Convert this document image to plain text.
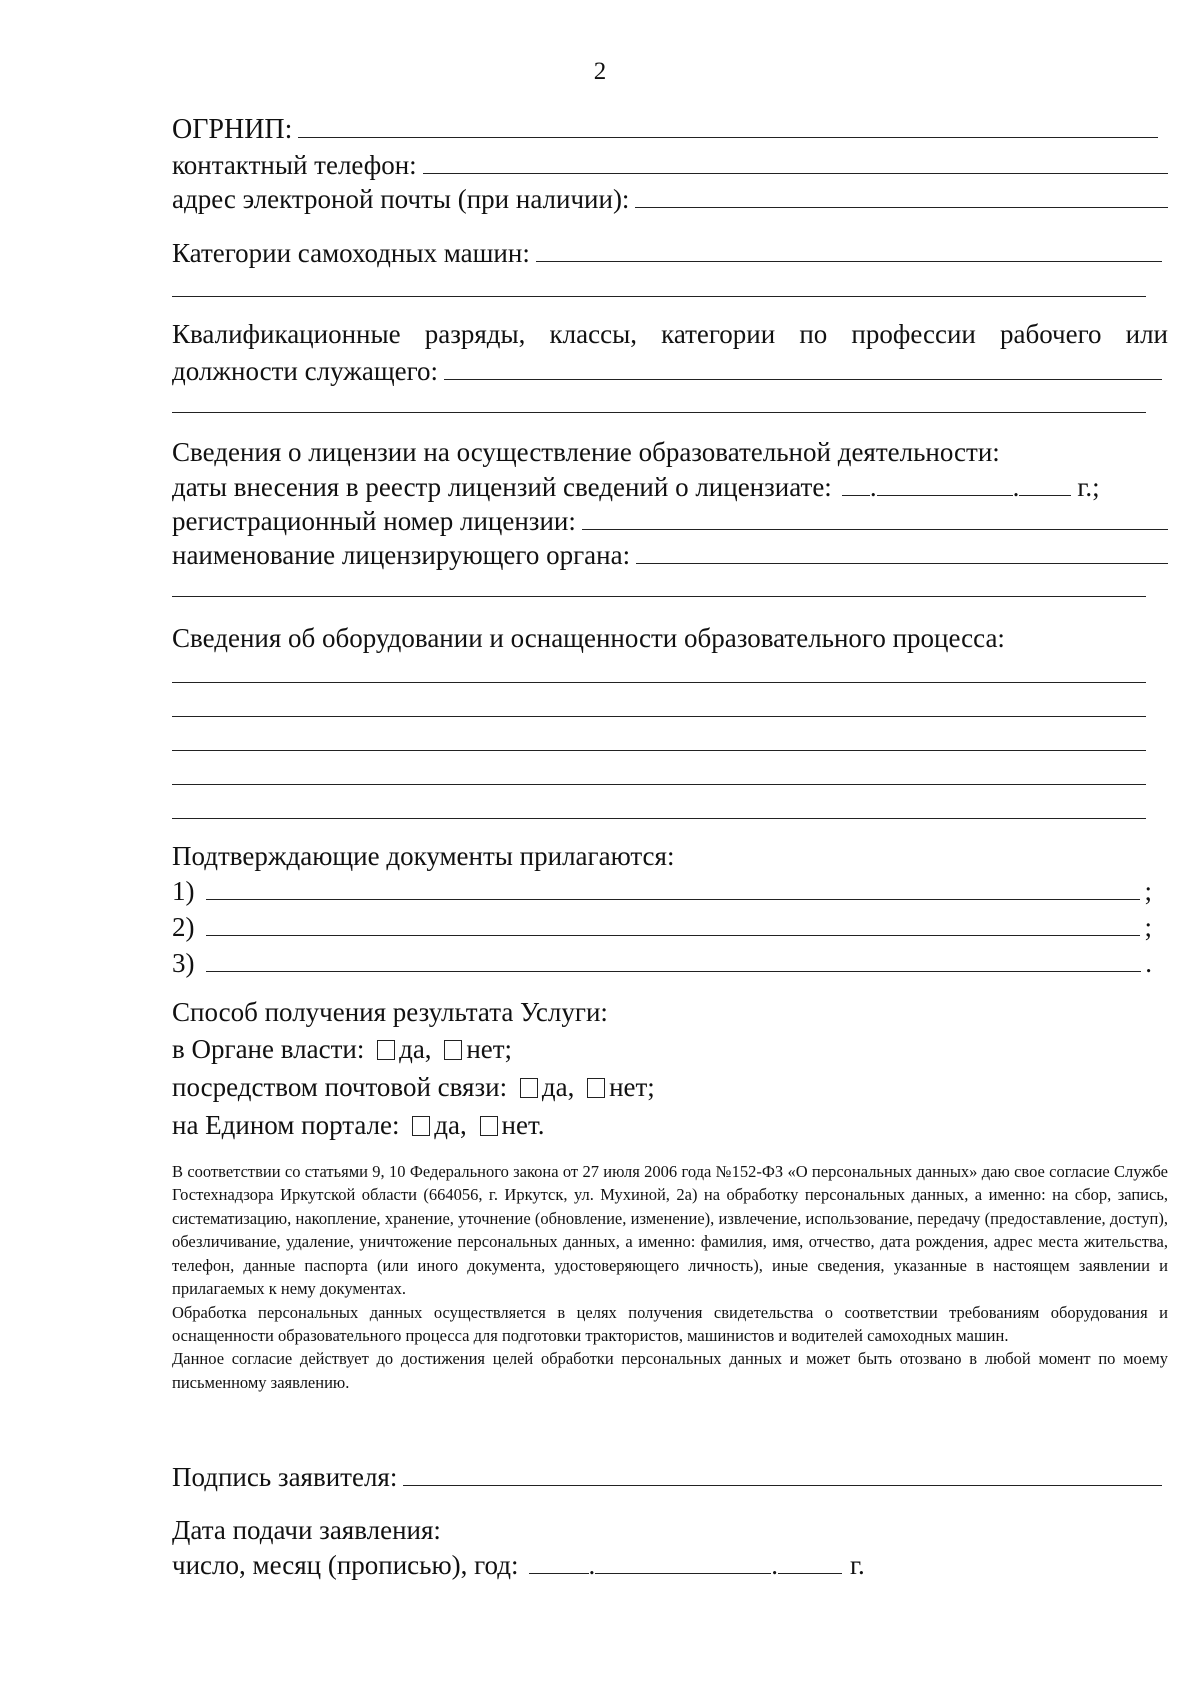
2
ОГРНИП:
контактный телефон:
адрес электроной почты (при наличии):
Категории самоходных машин:
Квалификационные разряды, классы, категории по профессии рабочего или
должности служащего:
Сведения о лицензии на осуществление образовательной деятельности:
даты внесения в реестр лицензий сведений о лицензиате: .	. г.;
регистрационный номер лицензии:
наименование лицензирующего органа:
Сведения об оборудовании и оснащенности образовательного процесса:
Подтверждающие документы прилагаются:
1)	;
2)	;
3)	.
Способ получения результата Услуги:
в Органе власти: да, нет;
посредством почтовой связи: да, нет;
на Едином портале: да, нет.

В соответствии со статьями 9, 10 Федерального закона от 27 июля 2006 года №152-ФЗ «О персональных данных» даю свое согласие Службе Гостехнадзора Иркутской области (664056, г. Иркутск, ул. Мухиной, 2а) на обработку персональных данных, а именно: на сбор, запись, систематизацию, накопление, хранение, уточнение (обновление, изменение), извлечение, использование, передачу (предоставление, доступ), обезличивание, удаление, уничтожение персональных данных, а именно: фамилия, имя, отчество, дата рождения, адрес места жительства, телефон, данные паспорта (или иного документа, удостоверяющего личность), иные сведения, указанные в настоящем заявлении и прилагаемых к нему документах.

Обработка персональных данных осуществляется в целях получения свидетельства о соответствии требованиям оборудования и оснащенности образовательного процесса для подготовки трактористов, машинистов и водителей самоходных машин.

Данное согласие действует до достижения целей обработки персональных данных и может быть отозвано в любой момент по моему письменному заявлению.

Подпись заявителя:
Дата подачи заявления:
число, месяц (прописью), год:	.	.	г.
